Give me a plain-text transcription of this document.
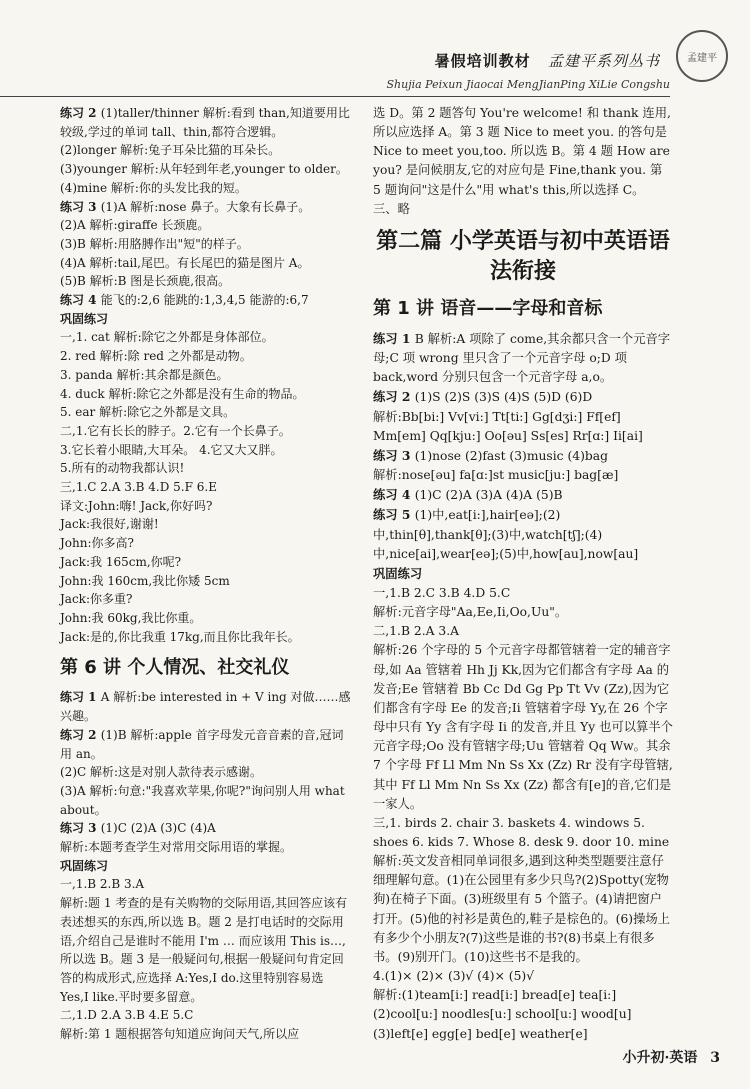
孟建平
暑假培训教材 孟建平系列丛书
Shujia Peixun Jiaocai MengJianPing XiLie Congshu

练习 2 (1)taller/thinner 解析:看到 than,知道要用比较级,学过的单词 tall、thin,都符合逻辑。

(2)longer 解析:兔子耳朵比猫的耳朵长。

(3)younger 解析:从年轻到年老,younger to older。

(4)mine 解析:你的头发比我的短。

练习 3 (1)A 解析:nose 鼻子。大象有长鼻子。

(2)A 解析:giraffe 长颈鹿。

(3)B 解析:用胳膊作出"短"的样子。

(4)A 解析:tail,尾巴。有长尾巴的猫是图片 A。

(5)B 解析:B 图是长颈鹿,很高。

练习 4 能飞的:2,6 能跳的:1,3,4,5 能游的:6,7

巩固练习

一,1. cat 解析:除它之外都是身体部位。

2. red 解析:除 red 之外都是动物。

3. panda 解析:其余都是颜色。

4. duck 解析:除它之外都是没有生命的物品。

5. ear 解析:除它之外都是文具。

二,1.它有长长的脖子。2.它有一个长鼻子。

3.它长着小眼睛,大耳朵。 4.它又大又胖。

5.所有的动物我都认识!

三,1.C 2.A 3.B 4.D 5.F 6.E

译文:John:嗨! Jack,你好吗?

Jack:我很好,谢谢!

John:你多高?

Jack:我 165cm,你呢?

John:我 160cm,我比你矮 5cm

Jack:你多重?

John:我 60kg,我比你重。

Jack:是的,你比我重 17kg,而且你比我年长。

第 6 讲 个人情况、社交礼仪

练习 1 A 解析:be interested in + V ing 对做……感兴趣。

练习 2 (1)B 解析:apple 首字母发元音音素的音,冠词用 an。

(2)C 解析:这是对别人款待表示感谢。

(3)A 解析:句意:"我喜欢苹果,你呢?"询问别人用 what about。

练习 3 (1)C (2)A (3)C (4)A

解析:本题考查学生对常用交际用语的掌握。

巩固练习

一,1.B 2.B 3.A

解析:题 1 考查的是有关购物的交际用语,其回答应该有表述想买的东西,所以选 B。题 2 是打电话时的交际用语,介绍自己是谁时不能用 I'm … 而应该用 This is…,所以选 B。题 3 是一般疑问句,根据一般疑问句肯定回答的构成形式,应选择 A:Yes,I do.这里特别容易选 Yes,I like.平时要多留意。

二,1.D 2.A 3.B 4.E 5.C

解析:第 1 题根据答句知道应询问天气,所以应

选 D。第 2 题答句 You're welcome! 和 thank 连用,所以应选择 A。第 3 题 Nice to meet you. 的答句是 Nice to meet you,too. 所以选 B。第 4 题 How are you? 是问候朋友,它的对应句是 Fine,thank you. 第 5 题询问"这是什么"用 what's this,所以选择 C。

三、略

第二篇 小学英语与初中英语语法衔接
第 1 讲 语音——字母和音标

练习 1 B 解析:A 项除了 come,其余都只含一个元音字母;C 项 wrong 里只含了一个元音字母 o;D 项 back,word 分别只包含一个元音字母 a,o。

练习 2 (1)S (2)S (3)S (4)S (5)D (6)D

解析:Bb[bi:] Vv[vi:] Tt[ti:] Gg[dʒi:] Ff[ef] Mm[em] Qq[kju:] Oo[əu] Ss[es] Rr[ɑ:] Ii[ai]

练习 3 (1)nose (2)fast (3)music (4)bag

解析:nose[əu] fa[ɑ:]st music[ju:] bag[æ]

练习 4 (1)C (2)A (3)A (4)A (5)B

练习 5 (1)中,eat[i:],hair[eə];(2)中,thin[θ],thank[θ];(3)中,watch[tʃ];(4)中,nice[ai],wear[eə];(5)中,how[au],now[au]

巩固练习

一,1.B 2.C 3.B 4.D 5.C

解析:元音字母"Aa,Ee,Ii,Oo,Uu"。

二,1.B 2.A 3.A

解析:26 个字母的 5 个元音字母都管辖着一定的辅音字母,如 Aa 管辖着 Hh Jj Kk,因为它们都含有字母 Aa 的发音;Ee 管辖着 Bb Cc Dd Gg Pp Tt Vv (Zz),因为它们都含有字母 Ee 的发音;Ii 管辖着字母 Yy,在 26 个字母中只有 Yy 含有字母 Ii 的发音,并且 Yy 也可以算半个元音字母;Oo 没有管辖字母;Uu 管辖着 Qq Ww。其余 7 个字母 Ff Ll Mm Nn Ss Xx (Zz) Rr 没有字母管辖,其中 Ff Ll Mm Nn Ss Xx (Zz) 都含有[e]的音,它们是一家人。

三,1. birds 2. chair 3. baskets 4. windows 5. shoes 6. kids 7. Whose 8. desk 9. door 10. mine

解析:英文发音相同单词很多,遇到这种类型题要注意仔细理解句意。(1)在公园里有多少只鸟?(2)Spotty(宠物狗)在椅子下面。(3)班级里有 5 个篮子。(4)请把窗户打开。(5)他的衬衫是黄色的,鞋子是棕色的。(6)操场上有多少个小朋友?(7)这些是谁的书?(8)书桌上有很多书。(9)别开门。(10)这些书不是我的。

4.(1)× (2)× (3)√ (4)× (5)√

解析:(1)team[i:] read[i:] bread[e] tea[i:] (2)cool[u:] noodles[u:] school[u:] wood[u] (3)left[e] egg[e] bed[e] weather[e]

小升初·英语 3
